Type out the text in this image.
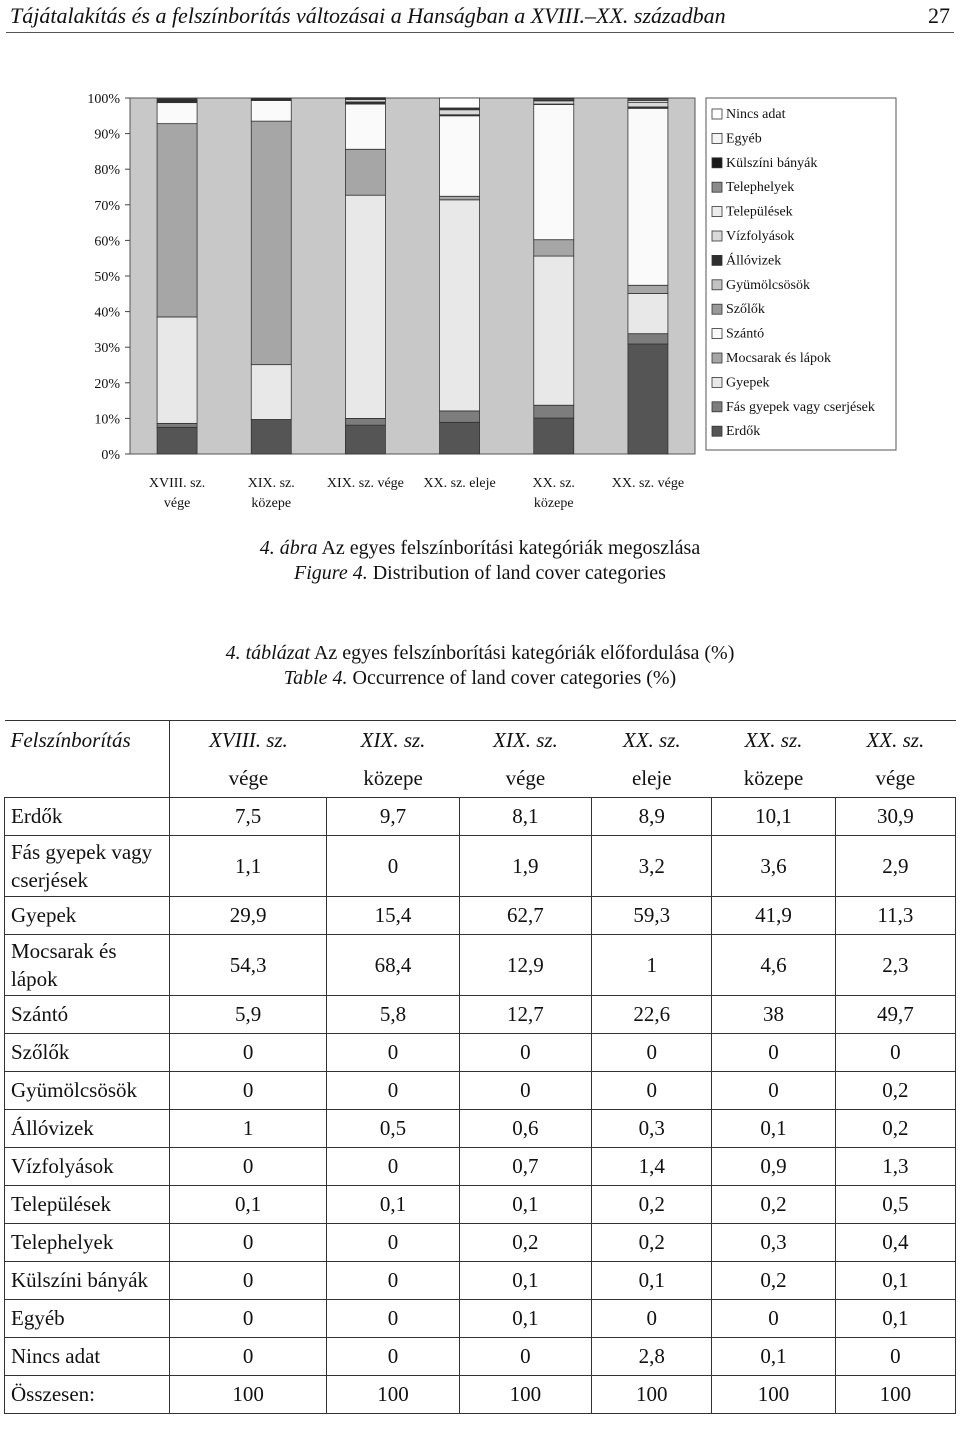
Tájátalakítás és a felszínborítás változásai a Hanságban a XVIII.–XX. században	27
0%
10%
20%
30%
40%
50%
60%
70%
80%
90%
100%
XVIII. sz.
vége
XIX. sz.
közepe
XIX. sz. vége XX. sz. eleje	XX. sz.
közepe
XX. sz. vége
Nincs adat
Egyéb
Külszíni bányák
Telephelyek
Települések
Vízfolyások
Állóvizek
Gyümölcsösök
Szőlők
Szántó
Mocsarak és lápok
Gyepek
Fás gyepek vagy cserjések
Erdők
4. ábra Az egyes felszínborítási kategóriák megoszlása
Figure 4. Distribution of land cover categories
4. táblázat Az egyes felszínborítási kategóriák előfordulása (%)
Table 4. Occurrence of land cover categories (%)
Felszínborítás	XVIII. sz.	XIX. sz.	XIX. sz.	XX. sz.	XX. sz.	XX. sz.
	vége	közepe	vége	eleje	közepe	vége
Erdők	7,5	9,7	8,1	8,9	10,1	30,9
Fás gyepek vagy cserjések	1,1	0	1,9	3,2	3,6	2,9
Gyepek	29,9	15,4	62,7	59,3	41,9	11,3
Mocsarak és lápok	54,3	68,4	12,9	1	4,6	2,3
Szántó	5,9	5,8	12,7	22,6	38	49,7
Szőlők	0	0	0	0	0	0
Gyümölcsösök	0	0	0	0	0	0,2
Állóvizek	1	0,5	0,6	0,3	0,1	0,2
Vízfolyások	0	0	0,7	1,4	0,9	1,3
Települések	0,1	0,1	0,1	0,2	0,2	0,5
Telephelyek	0	0	0,2	0,2	0,3	0,4
Külszíni bányák	0	0	0,1	0,1	0,2	0,1
Egyéb	0	0	0,1	0	0	0,1
Nincs adat	0	0	0	2,8	0,1	0
Összesen:	100	100	100	100	100	100
